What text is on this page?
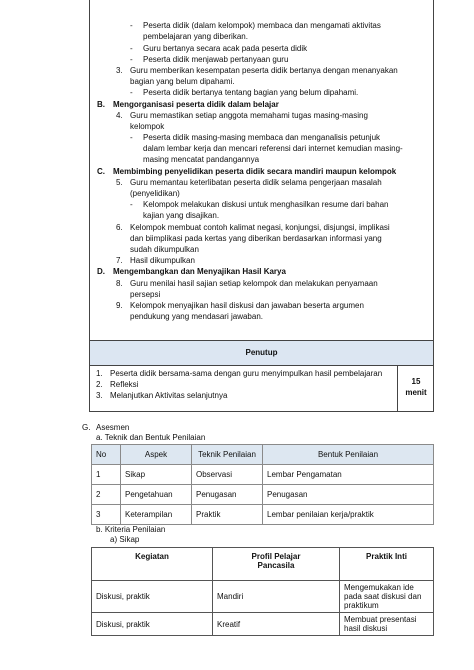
- Peserta didik (dalam kelompok) membaca dan mengamati aktivitas
pembelajaran yang diberikan.
- Guru bertanya secara acak pada peserta didik
- Peserta didik menjawab pertanyaan guru
3. Guru memberikan kesempatan peserta didik bertanya dengan menanyakan
bagian yang belum dipahami.
- Peserta didik bertanya tentang bagian yang belum dipahami.
B. Mengorganisasi peserta didik dalam belajar
4. Guru memastikan setiap anggota memahami tugas masing-masing
kelompok
- Peserta didik masing-masing membaca dan menganalisis petunjuk
dalam lembar kerja dan mencari referensi dari internet kemudian masing-
masing mencatat pandangannya
C. Membimbing penyelidikan peserta didik secara mandiri maupun kelompok
5. Guru memantau keterlibatan peserta didik selama pengerjaan masalah
(penyelidikan)
- Kelompok melakukan diskusi untuk menghasilkan resume dari bahan
kajian yang disajikan.
6. Kelompok membuat contoh kalimat negasi, konjungsi, disjungsi, implikasi
dan biimplikasi pada kertas yang diberikan berdasarkan informasi yang
sudah dikumpulkan
7. Hasil dikumpulkan
D. Mengembangkan dan Menyajikan Hasil Karya
8. Guru menilai hasil sajian setiap kelompok dan melakukan penyamaan
persepsi
9. Kelompok menyajikan hasil diskusi dan jawaban beserta argumen
pendukung yang mendasari jawaban.
Penutup
1. Peserta didik bersama-sama dengan guru menyimpulkan hasil pembelajaran
2. Refleksi
3. Melanjutkan Aktivitas selanjutnya
15
menit
G. Asesmen
a. Teknik dan Bentuk Penilaian
No	Aspek	Teknik Penilaian	Bentuk Penilaian
1	Sikap	Observasi	Lembar Pengamatan
2	Pengetahuan	Penugasan	Penugasan
3	Keterampilan	Praktik	Lembar penilaian kerja/praktik
b. Kriteria Penilaian
a) Sikap
Kegiatan	Profil Pelajar Pancasila	Praktik Inti
Diskusi, praktik	Mandiri	Mengemukakan ide pada saat diskusi dan praktikum
Diskusi, praktik	Kreatif	Membuat presentasi hasil diskusi
